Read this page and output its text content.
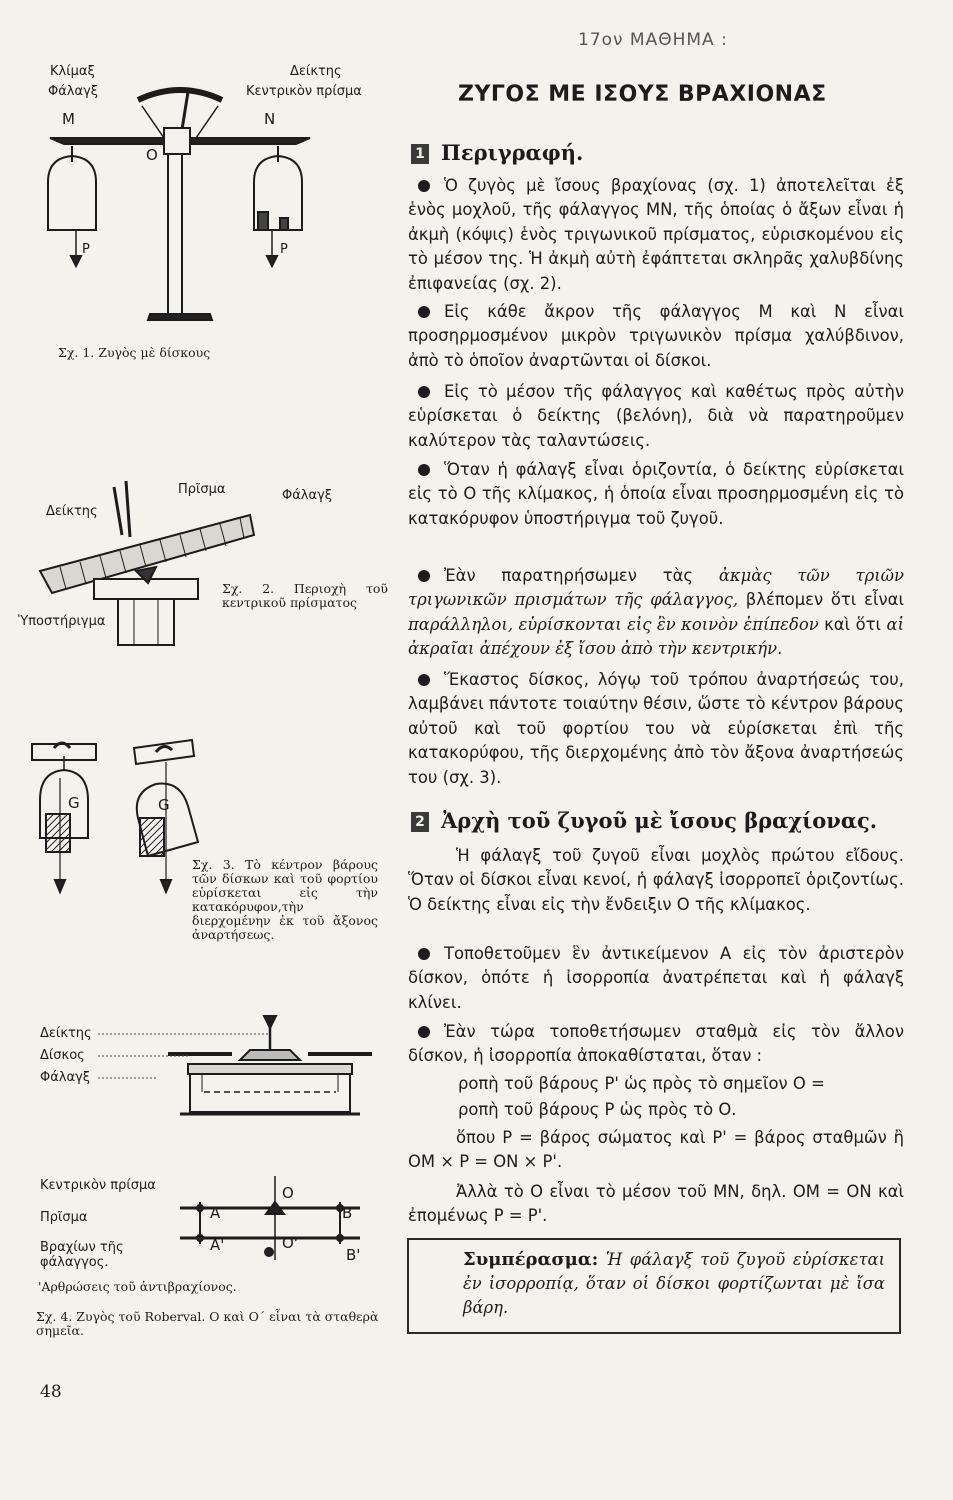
17ον ΜΑΘΗΜΑ :
ΖΥΓΟΣ ΜΕ ΙΣΟΥΣ ΒΡΑΧΙΟΝΑΣ
1 Περιγραφή.

Ὁ ζυγὸς μὲ ἴσους βραχίονας (σχ. 1) ἀποτελεῖται ἐξ ἑνὸς μοχλοῦ, τῆς φάλαγγος ΜΝ, τῆς ὁποίας ὁ ἄξων εἶναι ἡ ἀκμὴ (κόψις) ἑνὸς τριγωνικοῦ πρίσματος, εὑρισκομένου εἰς τὸ μέσον της. Ἡ ἀκμὴ αὐτὴ ἐφάπτεται σκληρᾶς χαλυβδίνης ἐπιφανείας (σχ. 2).

Εἰς κάθε ἄκρον τῆς φάλαγγος Μ καὶ Ν εἶναι προσηρμοσμένον μικρὸν τριγωνικὸν πρίσμα χαλύβδινον, ἀπὸ τὸ ὁποῖον ἀναρτῶνται οἱ δίσκοι.

Εἰς τὸ μέσον τῆς φάλαγγος καὶ καθέτως πρὸς αὐτὴν εὑρίσκεται ὁ δείκτης (βελόνη), διὰ νὰ παρατηροῦμεν καλύτερον τὰς ταλαντώσεις.

Ὅταν ἡ φάλαγξ εἶναι ὁριζοντία, ὁ δείκτης εὑρίσκεται εἰς τὸ Ο τῆς κλίμακος, ἡ ὁποία εἶναι προσηρμοσμένη εἰς τὸ κατακόρυφον ὑποστήριγμα τοῦ ζυγοῦ.

Ἐὰν παρατηρήσωμεν τὰς ἀκμὰς τῶν τριῶν τριγωνικῶν πρισμάτων τῆς φάλαγγος, βλέπομεν ὅτι εἶναι παράλληλοι, εὑρίσκονται εἰς ἓν κοινὸν ἐπίπεδον καὶ ὅτι αἱ ἀκραῖαι ἀπέχουν ἐξ ἴσου ἀπὸ τὴν κεντρικήν.

Ἕκαστος δίσκος, λόγῳ τοῦ τρόπου ἀναρτήσεώς του, λαμβάνει πάντοτε τοιαύτην θέσιν, ὥστε τὸ κέντρον βάρους αὐτοῦ καὶ τοῦ φορτίου του νὰ εὑρίσκεται ἐπὶ τῆς κατακορύφου, τῆς διερχομένης ἀπὸ τὸν ἄξονα ἀναρτήσεώς του (σχ. 3).

2 Ἀρχὴ τοῦ ζυγοῦ μὲ ἴσους βραχίονας.

Ἡ φάλαγξ τοῦ ζυγοῦ εἶναι μοχλὸς πρώτου εἴδους. Ὅταν οἱ δίσκοι εἶναι κενοί, ἡ φάλαγξ ἰσορροπεῖ ὁριζοντίως. Ὁ δείκτης εἶναι εἰς τὴν ἔνδειξιν Ο τῆς κλίμακος.

Τοποθετοῦμεν ἓν ἀντικείμενον Α εἰς τὸν ἀριστερὸν δίσκον, ὁπότε ἡ ἰσορροπία ἀνατρέπεται καὶ ἡ φάλαγξ κλίνει.

Ἐὰν τώρα τοποθετήσωμεν σταθμὰ εἰς τὸν ἄλλον δίσκον, ἡ ἰσορροπία ἀποκαθίσταται, ὅταν :

ροπὴ τοῦ βάρους Ρ' ὡς πρὸς τὸ σημεῖον Ο =
ροπὴ τοῦ βάρους Ρ ὡς πρὸς τὸ Ο.

ὅπου Ρ = βάρος σώματος καὶ Ρ' = βάρος σταθμῶν ἢ ΟΜ × Ρ = ΟΝ × Ρ'.

Ἀλλὰ τὸ Ο εἶναι τὸ μέσον τοῦ ΜΝ, δηλ. ΟΜ = ΟΝ καὶ ἐπομένως Ρ = Ρ'.

Συμπέρασμα: Ἡ φάλαγξ τοῦ ζυγοῦ εὑρίσκεται ἐν ἰσορροπίᾳ, ὅταν οἱ δίσκοι φορτίζωνται μὲ ἴσα βάρη.
Κλίμαξ
Φάλαγξ
Δείκτης
Κεντρικὸν πρίσμα
Μ	Ν
Ο
P	P
Σχ. 1. Ζυγὸς μὲ δίσκους
Πρῖσμα	Φάλαγξ
Δείκτης
Ὑποστήριγμα
Σχ. 2. Περιοχὴ τοῦ κεντρικοῦ πρίσματος
G	G
Σχ. 3. Τὸ κέντρον βάρους τῶν δίσκων καὶ τοῦ φορτίου εὑρίσκεται εἰς τὴν κατακόρυφον,τὴν διερχομένην ἐκ τοῦ ἄξονος ἀναρτήσεως.
Δείκτης
Δίσκος
Φάλαγξ
Κεντρικὸν πρίσμα
Πρῖσμα
Βραχίων τῆς φάλαγγος.
O
O'
A
A'
B
B'
'Αρθρώσεις τοῦ ἀντιβραχίονος.
Σχ. 4. Ζυγὸς τοῦ Roberval. Ο καὶ Ο΄ εἶναι τὰ σταθερὰ σημεῖα.
48
